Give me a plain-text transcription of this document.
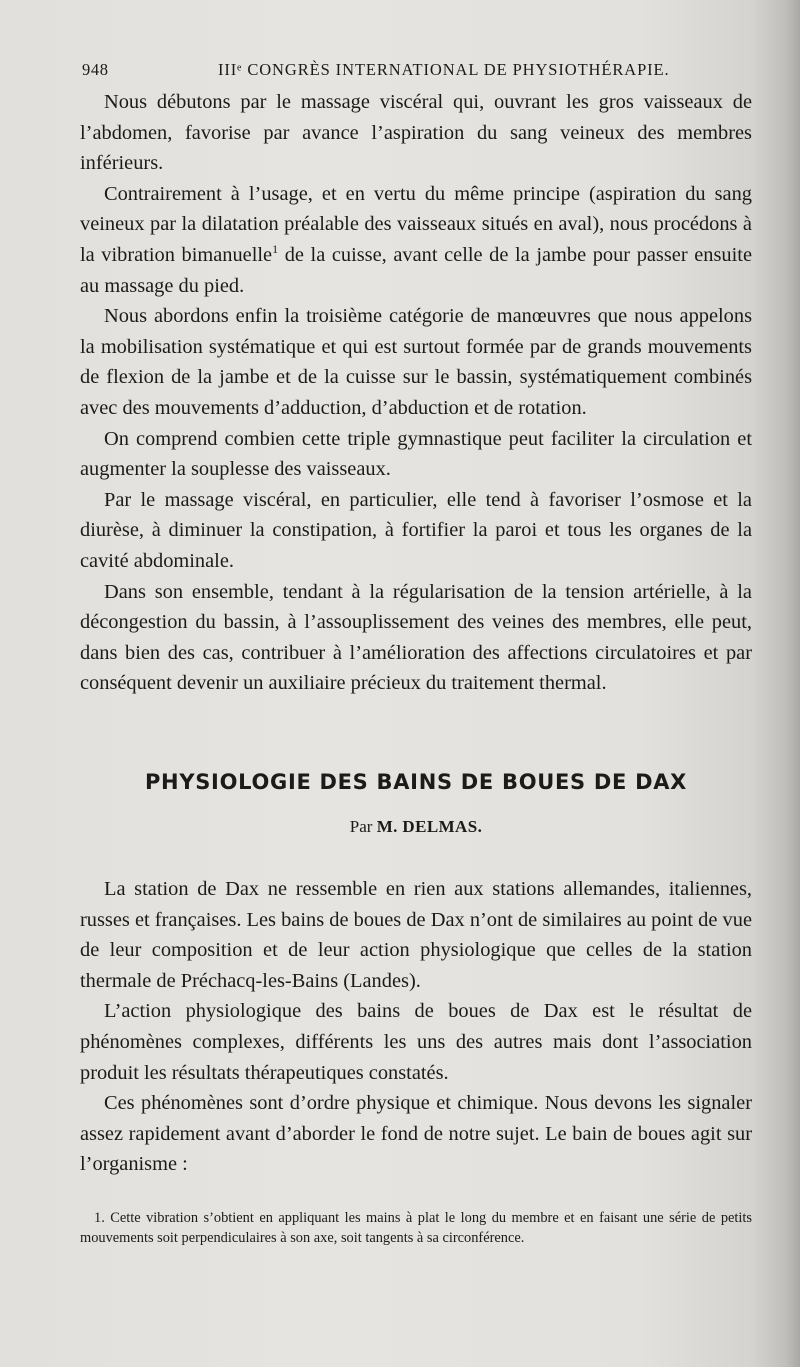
948	IIIᵉ CONGRÈS INTERNATIONAL DE PHYSIOTHÉRAPIE.

Nous débutons par le massage viscéral qui, ouvrant les gros vaisseaux de l’abdomen, favorise par avance l’aspiration du sang veineux des membres inférieurs.

Contrairement à l’usage, et en vertu du même principe (aspiration du sang veineux par la dilatation préalable des vaisseaux situés en aval), nous procédons à la vibration bimanuelle$^1$ de la cuisse, avant celle de la jambe pour passer ensuite au massage du pied.

Nous abordons enfin la troisième catégorie de manœuvres que nous appelons la mobilisation systématique et qui est surtout formée par de grands mouvements de flexion de la jambe et de la cuisse sur le bassin, systématiquement combinés avec des mouvements d’adduction, d’abduction et de rotation.

On comprend combien cette triple gymnastique peut faciliter la circulation et augmenter la souplesse des vaisseaux.

Par le massage viscéral, en particulier, elle tend à favoriser l’osmose et la diurèse, à diminuer la constipation, à fortifier la paroi et tous les organes de la cavité abdominale.

Dans son ensemble, tendant à la régularisation de la tension artérielle, à la décongestion du bassin, à l’assouplissement des veines des membres, elle peut, dans bien des cas, contribuer à l’amélioration des affections circulatoires et par conséquent devenir un auxiliaire précieux du traitement thermal.

PHYSIOLOGIE DES BAINS DE BOUES DE DAX
Par M. DELMAS.

La station de Dax ne ressemble en rien aux stations allemandes, italiennes, russes et françaises. Les bains de boues de Dax n’ont de similaires au point de vue de leur composition et de leur action physiologique que celles de la station thermale de Préchacq-les-Bains (Landes).

L’action physiologique des bains de boues de Dax est le résultat de phénomènes complexes, différents les uns des autres mais dont l’association produit les résultats thérapeutiques constatés.

Ces phénomènes sont d’ordre physique et chimique. Nous devons les signaler assez rapidement avant d’aborder le fond de notre sujet. Le bain de boues agit sur l’organisme :

1. Cette vibration s’obtient en appliquant les mains à plat le long du membre et en faisant une série de petits mouvements soit perpendiculaires à son axe, soit tangents à sa circonférence.
